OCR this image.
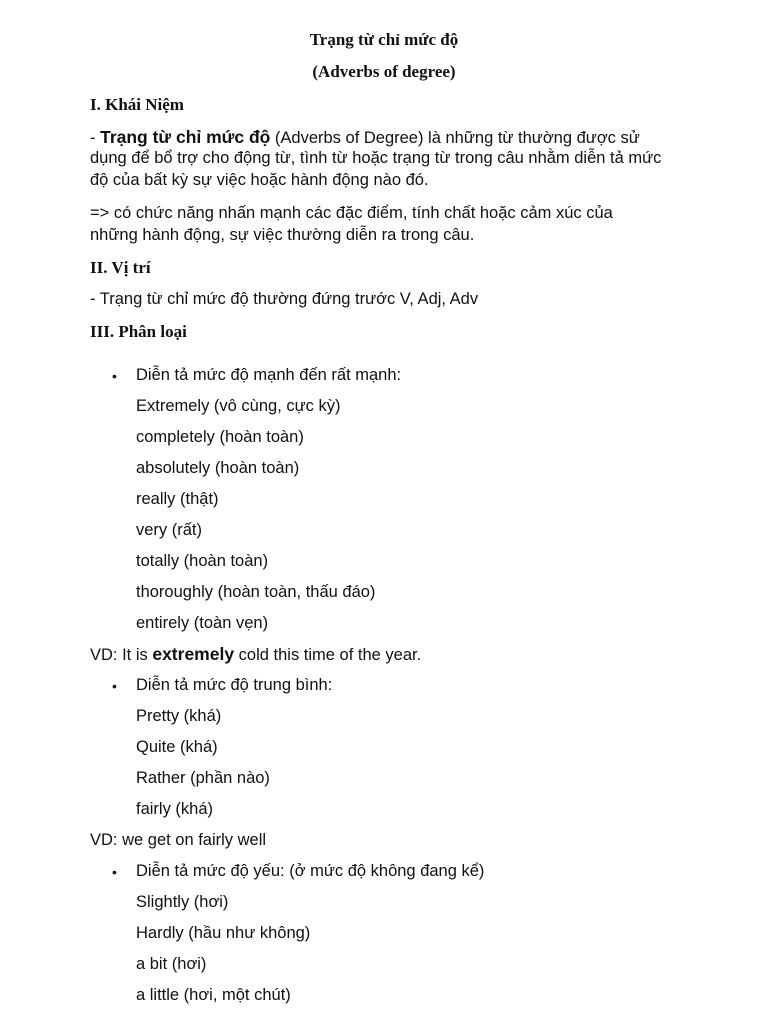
Trạng từ chỉ mức độ
(Adverbs of degree)
I. Khái Niệm
- Trạng từ chỉ mức độ (Adverbs of Degree) là những từ thường được sử
dụng để bổ trợ cho động từ, tình từ hoặc trạng từ trong câu nhằm diễn tả mức
độ của bất kỳ sự việc hoặc hành động nào đó.
=> có chức năng nhấn mạnh các đặc điểm, tính chất hoặc cảm xúc của
những hành động, sự việc thường diễn ra trong câu.
II. Vị trí
- Trạng từ chỉ mức độ thường đứng trước V, Adj, Adv
III. Phân loại
• Diễn tả mức độ mạnh đến rất mạnh:
Extremely (vô cùng, cực kỳ)
completely (hoàn toàn)
absolutely (hoàn toàn)
really (thật)
very (rất)
totally (hoàn toàn)
thoroughly (hoàn toàn, thấu đáo)
entirely (toàn vẹn)
VD: It is extremely cold this time of the year.
• Diễn tả mức độ trung bình:
Pretty (khá)
Quite (khá)
Rather (phần nào)
fairly (khá)
VD: we get on fairly well
• Diễn tả mức độ yếu: (ở mức độ không đang kể)
Slightly (hơi)
Hardly (hầu như không)
a bit (hơi)
a little (hơi, một chút)
